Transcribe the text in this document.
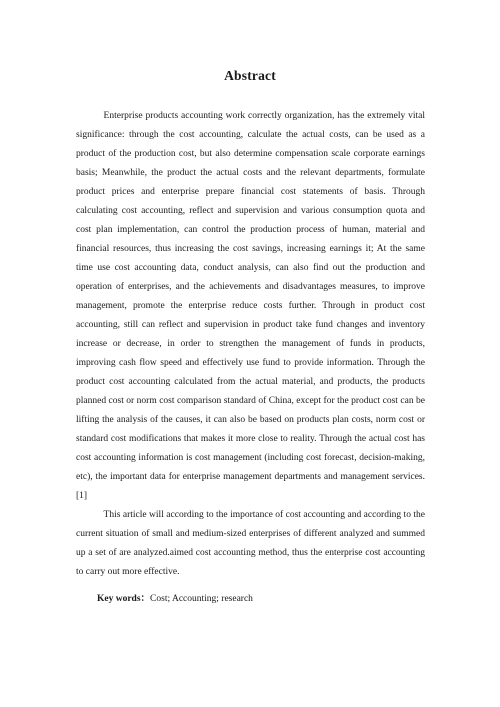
Abstract

Enterprise products accounting work correctly organization, has the extremely vital significance: through the cost accounting, calculate the actual costs, can be used as a product of the production cost, but also determine compensation scale corporate earnings basis; Meanwhile, the product the actual costs and the relevant departments, formulate product prices and enterprise prepare financial cost statements of basis. Through calculating cost accounting, reflect and supervision and various consumption quota and cost plan implementation, can control the production process of human, material and financial resources, thus increasing the cost savings, increasing earnings it; At the same time use cost accounting data, conduct analysis, can also find out the production and operation of enterprises, and the achievements and disadvantages measures, to improve management, promote the enterprise reduce costs further. Through in product cost accounting, still can reflect and supervision in product take fund changes and inventory increase or decrease, in order to strengthen the management of funds in products, improving cash flow speed and effectively use fund to provide information. Through the product cost accounting calculated from the actual material, and products, the products planned cost or norm cost comparison standard of China, except for the product cost can be lifting the analysis of the causes, it can also be based on products plan costs, norm cost or standard cost modifications that makes it more close to reality. Through the actual cost has cost accounting information is cost management (including cost forecast, decision-making, etc), the important data for enterprise management departments and management services. [1]

This article will according to the importance of cost accounting and according to the current situation of small and medium-sized enterprises of different analyzed and summed up a set of are analyzed.aimed cost accounting method, thus the enterprise cost accounting to carry out more effective.

Key words：Cost; Accounting; research
